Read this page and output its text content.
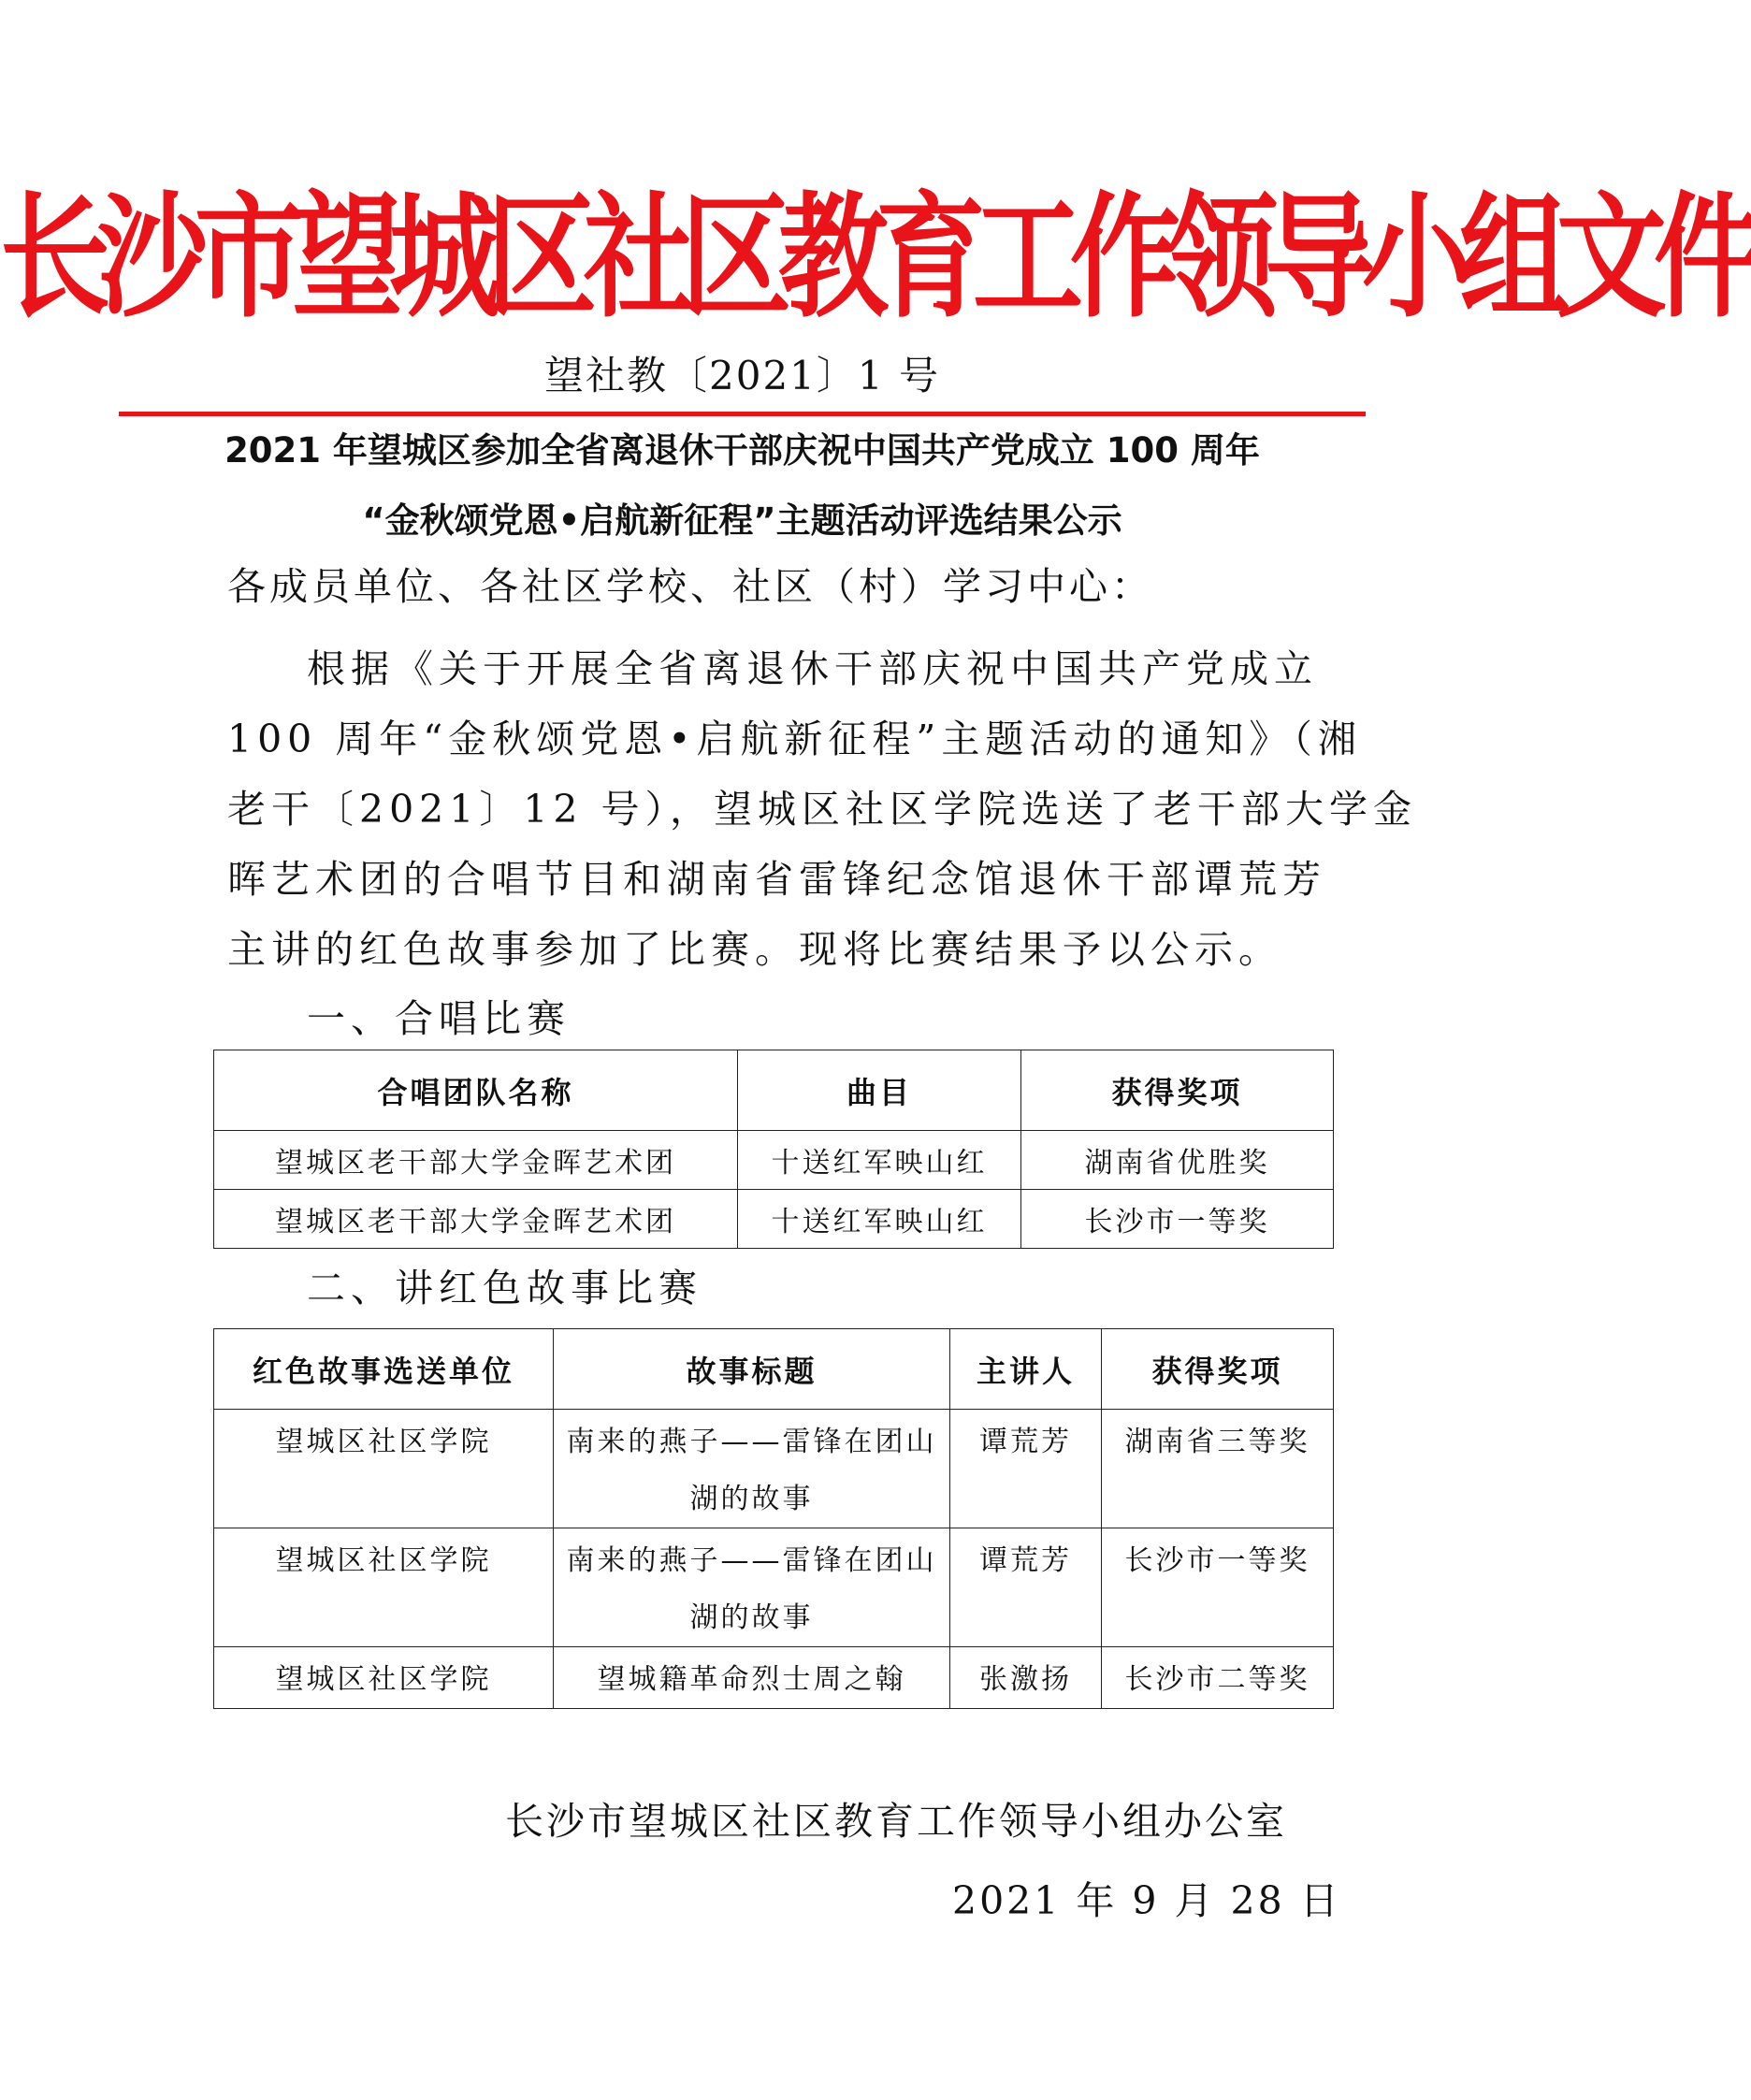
长沙市望城区社区教育工作领导小组文件
望社教〔2021〕1 号
2021 年望城区参加全省离退休干部庆祝中国共产党成立 100 周年
“金秋颂党恩•启航新征程”主题活动评选结果公示
各成员单位、各社区学校、社区（村）学习中心：
根据《关于开展全省离退休干部庆祝中国共产党成立
100 周年“金秋颂党恩•启航新征程”主题活动的通知》（湘
老干〔2021〕12 号），望城区社区学院选送了老干部大学金
晖艺术团的合唱节目和湖南省雷锋纪念馆退休干部谭荒芳
主讲的红色故事参加了比赛。现将比赛结果予以公示。
一、合唱比赛
合唱团队名称	曲目	获得奖项
望城区老干部大学金晖艺术团	十送红军映山红	湖南省优胜奖
望城区老干部大学金晖艺术团	十送红军映山红	长沙市一等奖
二、讲红色故事比赛
红色故事选送单位	故事标题	主讲人	获得奖项
望城区社区学院	南来的燕子——雷锋在团山湖的故事	谭荒芳	湖南省三等奖
望城区社区学院	南来的燕子——雷锋在团山湖的故事	谭荒芳	长沙市一等奖
望城区社区学院	望城籍革命烈士周之翰	张激扬	长沙市二等奖
长沙市望城区社区教育工作领导小组办公室
2021 年 9 月 28 日
